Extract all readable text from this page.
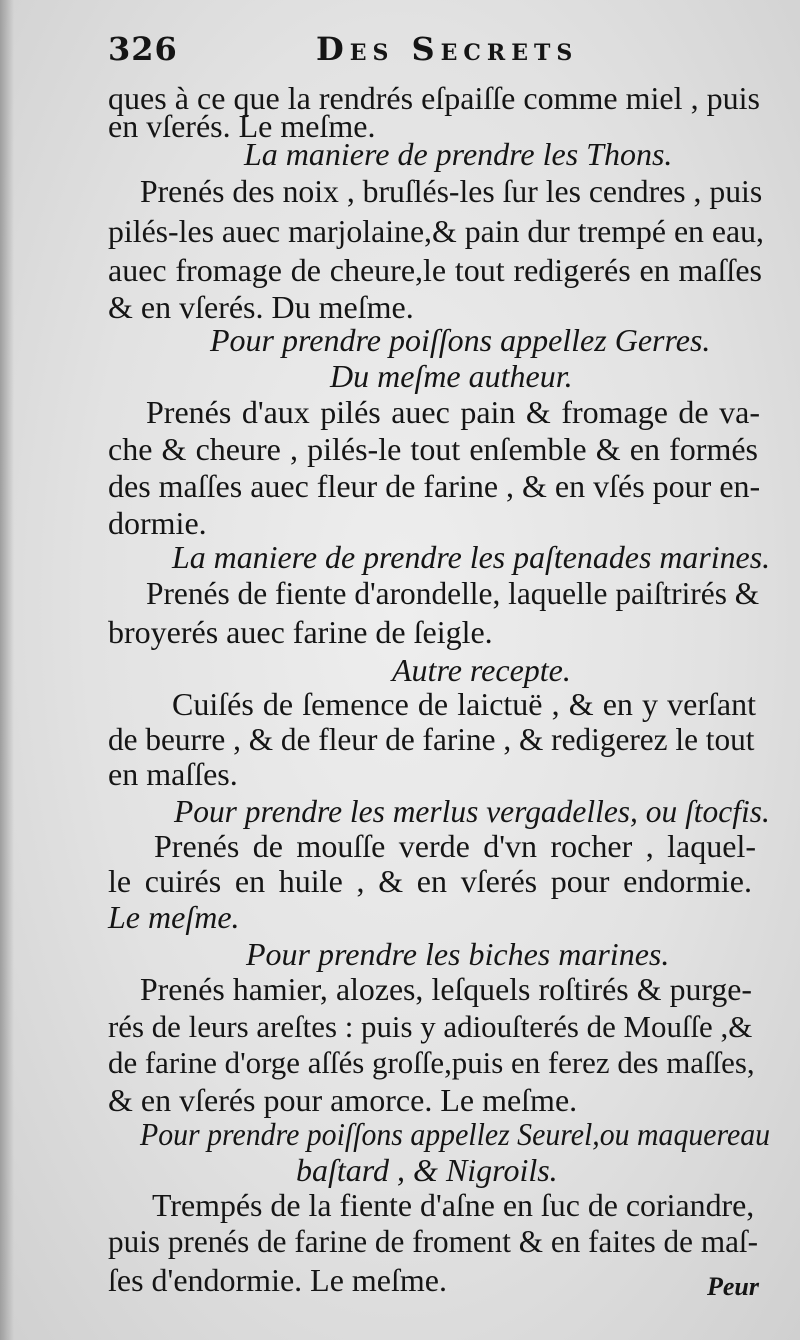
326	Des Secrets
ques à ce que la rendrés eſpaiſſe comme miel , puis
en vſerés. Le meſme.
La maniere de prendre les Thons.
Prenés des noix , bruſlés-les ſur les cendres , puis
pilés-les auec marjolaine,& pain dur trempé en eau,
auec fromage de cheure,le tout redigerés en maſſes
& en vſerés. Du meſme.
Pour prendre poiſſons appellez Gerres.
Du meſme autheur.
Prenés d'aux pilés auec pain & fromage de va-
che & cheure , pilés-le tout enſemble & en formés
des maſſes auec fleur de farine , & en vſés pour en-
dormie.
La maniere de prendre les paſtenades marines.
Prenés de fiente d'arondelle, laquelle paiſtrirés &
broyerés auec farine de ſeigle.
Autre recepte.
Cuiſés de ſemence de laictuë , & en y verſant
de beurre , & de fleur de farine , & redigerez le tout
en maſſes.
Pour prendre les merlus vergadelles, ou ſtocfis.
Prenés de mouſſe verde d'vn rocher , laquel-
le cuirés en huile , & en vſerés pour endormie.
Le meſme.
Pour prendre les biches marines.
Prenés hamier, alozes, leſquels roſtirés & purge-
rés de leurs areſtes : puis y adiouſterés de Mouſſe ,&
de farine d'orge aſſés groſſe,puis en ferez des maſſes,
& en vſerés pour amorce. Le meſme.
Pour prendre poiſſons appellez Seurel,ou maquereau
baſtard , & Nigroils.
Trempés de la fiente d'aſne en ſuc de coriandre,
puis prenés de farine de froment & en faites de maſ-
ſes d'endormie. Le meſme.	Peur
